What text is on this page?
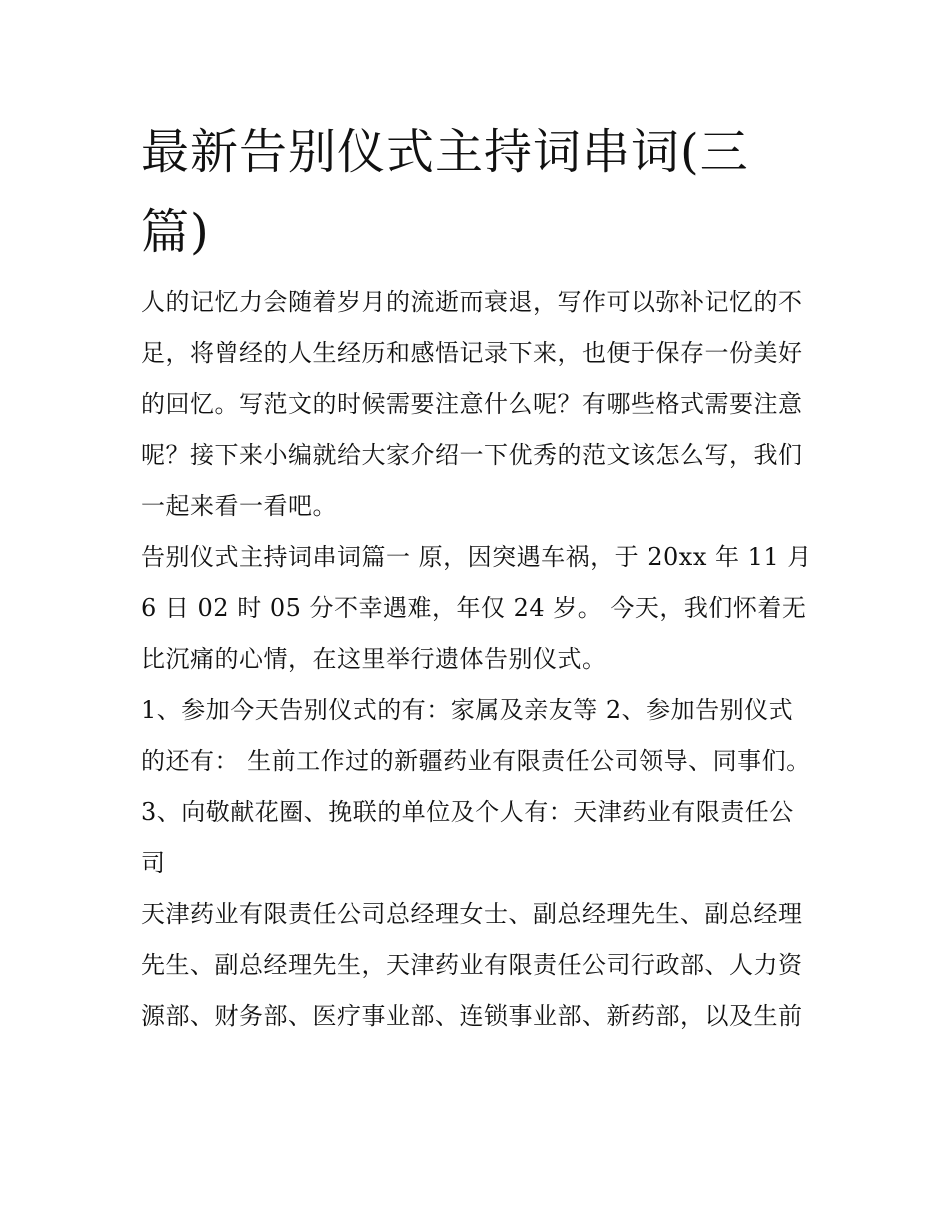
最新告别仪式主持词串词(三篇)

人的记忆力会随着岁月的流逝而衰退，写作可以弥补记忆的不足，将曾经的人生经历和感悟记录下来，也便于保存一份美好的回忆。写范文的时候需要注意什么呢？有哪些格式需要注意呢？接下来小编就给大家介绍一下优秀的范文该怎么写，我们一起来看一看吧。

告别仪式主持词串词篇一 原，因突遇车祸，于 20xx 年 11 月 6 日 02 时 05 分不幸遇难，年仅 24 岁。 今天，我们怀着无比沉痛的心情，在这里举行遗体告别仪式。

1、参加今天告别仪式的有：家属及亲友等 2、参加告别仪式的还有： 生前工作过的新疆药业有限责任公司领导、同事们。

3、向敬献花圈、挽联的单位及个人有：天津药业有限责任公司

天津药业有限责任公司总经理女士、副总经理先生、副总经理先生、副总经理先生，天津药业有限责任公司行政部、人力资源部、财务部、医疗事业部、连锁事业部、新药部，以及生前
